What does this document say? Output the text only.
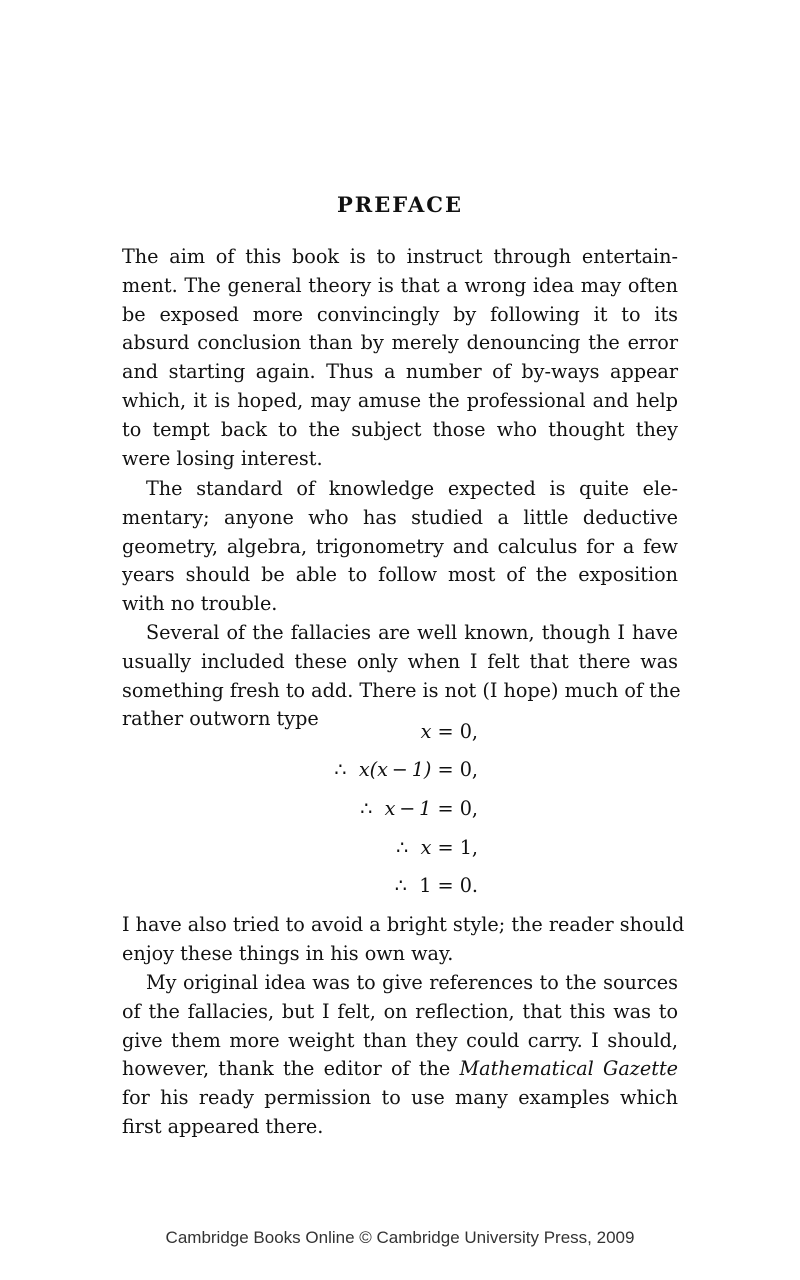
PREFACE
The aim of this book is to instruct through entertain-
ment. The general theory is that a wrong idea may often
be exposed more convincingly by following it to its
absurd conclusion than by merely denouncing the error
and starting again. Thus a number of by-ways appear
which, it is hoped, may amuse the professional and help
to tempt back to the subject those who thought they
were losing interest.
The standard of knowledge expected is quite ele-
mentary; anyone who has studied a little deductive
geometry, algebra, trigonometry and calculus for a few
years should be able to follow most of the exposition
with no trouble.
Several of the fallacies are well known, though I have
usually included these only when I felt that there was
something fresh to add. There is not (I hope) much of the
rather outworn type
x = 0,
∴ x(x − 1) = 0,
∴ x − 1 = 0,
∴ x = 1,
∴ 1 = 0.
I have also tried to avoid a bright style; the reader should
enjoy these things in his own way.
My original idea was to give references to the sources
of the fallacies, but I felt, on reflection, that this was to
give them more weight than they could carry. I should,
however, thank the editor of the Mathematical Gazette
for his ready permission to use many examples which
first appeared there.
Cambridge Books Online © Cambridge University Press, 2009
